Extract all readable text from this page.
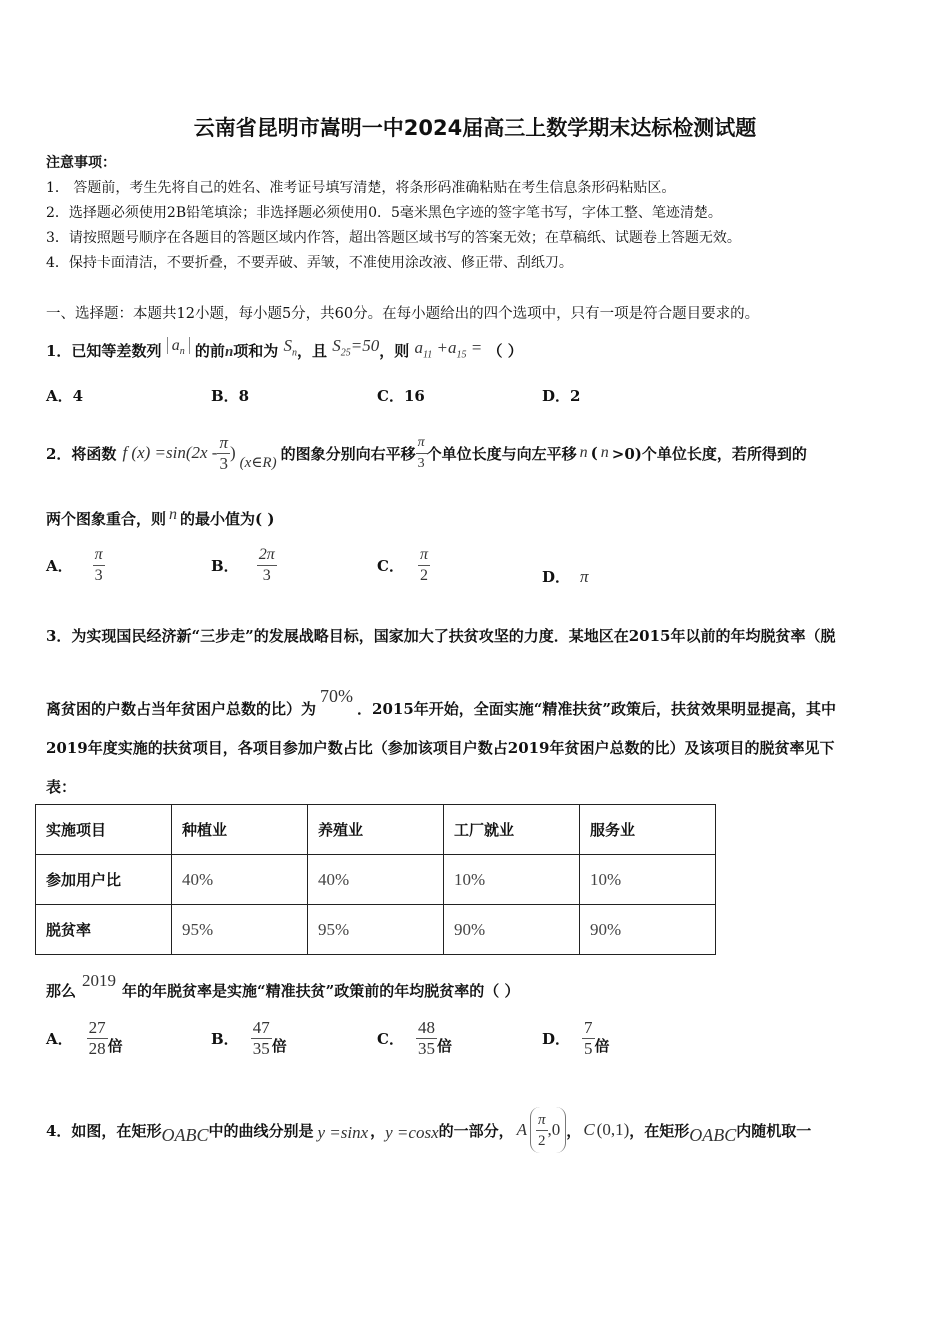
云南省昆明市嵩明一中2024届高三上数学期末达标检测试题
注意事项：
1． 答题前，考生先将自己的姓名、准考证号填写清楚，将条形码准确粘贴在考生信息条形码粘贴区。
2．选择题必须使用2B铅笔填涂；非选择题必须使用0．5毫米黑色字迹的签字笔书写，字体工整、笔迹清楚。
3．请按照题号顺序在各题目的答题区域内作答，超出答题区域书写的答案无效；在草稿纸、试题卷上答题无效。
4．保持卡面清洁，不要折叠，不要弄破、弄皱，不准使用涂改液、修正带、刮纸刀。
一、选择题：本题共12小题，每小题5分，共60分。在每小题给出的四个选项中，只有一项是符合题目要求的。
1．已知等差数列 $a_n$ 的前n项和为 $S_n$，且 $S_{25}=50$，则 $a_{11} +a_{15}$ = （ ）
A．4	B．8	C．16	D．2
2．将函数 f $(x) =\sin(2x - \frac{\pi}{3}$ )
(x∈R) 的图象分别向右平移 $\frac{\pi}{3}$ 个单位长度与向左平移 n ( n >0)个单位长度，若所得到的
两个图象重合，则 n 的最小值为( )
A． $\frac{\pi}{3}$	B． $\frac{2\pi}{3}$	C． $\frac{\pi}{2}$	D． π
3．为实现国民经济新“三步走”的发展战略目标，国家加大了扶贫攻坚的力度．某地区在2015年以前的年均脱贫率（脱
离贫困的户数占当年贫困户总数的比）为70%．2015年开始，全面实施“精准扶贫”政策后，扶贫效果明显提高，其中
2019年度实施的扶贫项目，各项目参加户数占比（参加该项目户数占2019年贫困户总数的比）及该项目的脱贫率见下
表：
实施项目	种植业	养殖业	工厂就业	服务业
参加用户比	40%	40%	10%	10%
脱贫率	95%	95%	90%	90%
那么2019年的年脱贫率是实施“精准扶贫”政策前的年均脱贫率的（ ）
A． $\frac{27}{28}$ 倍	B． $\frac{47}{35}$ 倍	C． $\frac{48}{35}$ 倍	D． $\frac{7}{5}$ 倍
4．如图，在矩形 OABC 中的曲线分别是 y =sinx ， y =cosx 的一部分， A $\frac{\pi}{2} ,0$ ， C (0,1) ，在矩形 OABC 内随机取一
